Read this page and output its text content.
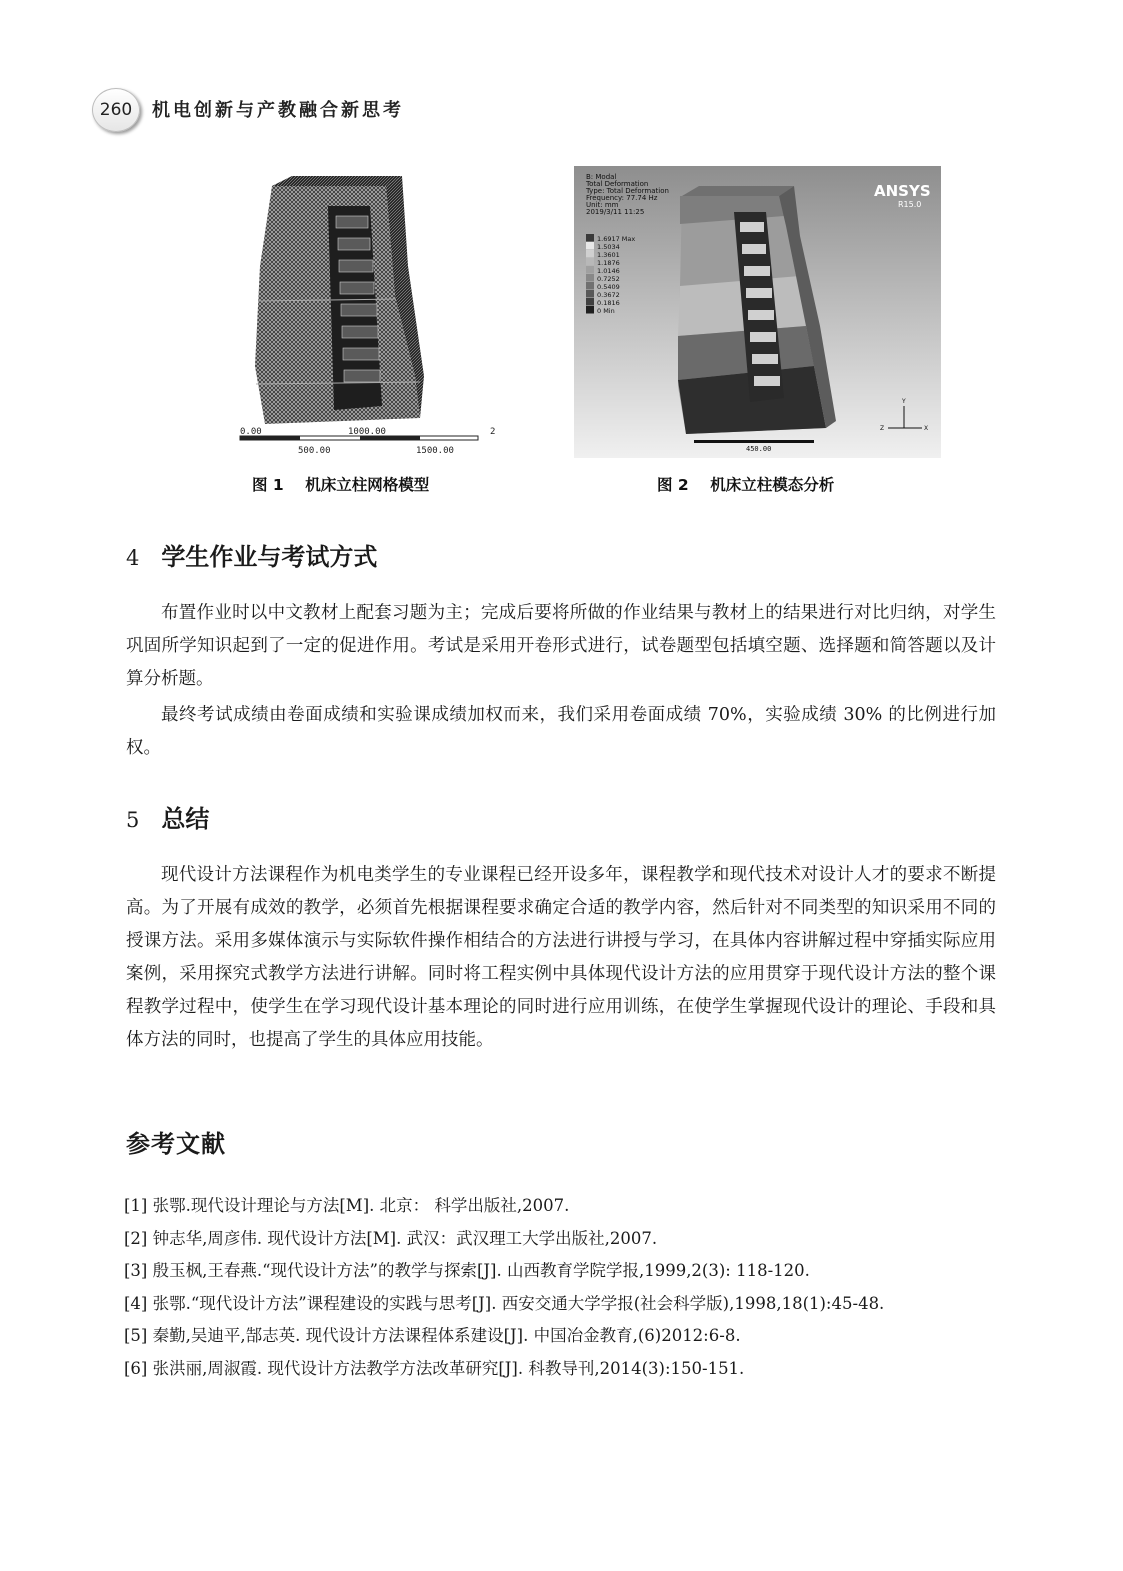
260	机电创新与产教融合新思考
0.00	1000.00	2
500.00	1500.00
图 1    机床立柱网格模型
B: Modal
Total Deformation
Type: Total Deformation
Frequency: 77.74 Hz
Unit: mm
2019/3/11 11:25
1.6917 Max
1.5034
1.3601
1.1876
1.0146
0.7252
0.5409
0.3672
0.1816
0 Min
ANSYS
R15.0
450.00
Y
X
Z
图 2    机床立柱模态分析
4 学生作业与考试方式

布置作业时以中文教材上配套习题为主；完成后要将所做的作业结果与教材上的结果进行对比归纳，对学生巩固所学知识起到了一定的促进作用。考试是采用开卷形式进行，试卷题型包括填空题、选择题和简答题以及计算分析题。

最终考试成绩由卷面成绩和实验课成绩加权而来，我们采用卷面成绩 70%，实验成绩 30% 的比例进行加权。

5 总结

现代设计方法课程作为机电类学生的专业课程已经开设多年，课程教学和现代技术对设计人才的要求不断提高。为了开展有成效的教学，必须首先根据课程要求确定合适的教学内容，然后针对不同类型的知识采用不同的授课方法。采用多媒体演示与实际软件操作相结合的方法进行讲授与学习，在具体内容讲解过程中穿插实际应用案例，采用探究式教学方法进行讲解。同时将工程实例中具体现代设计方法的应用贯穿于现代设计方法的整个课程教学过程中，使学生在学习现代设计基本理论的同时进行应用训练，在使学生掌握现代设计的理论、手段和具体方法的同时，也提高了学生的具体应用技能。

参考文献
[1] 张鄂.现代设计理论与方法[M]. 北京： 科学出版社,2007.
[2] 钟志华,周彦伟. 现代设计方法[M]. 武汉：武汉理工大学出版社,2007.
[3] 殷玉枫,王春燕.“现代设计方法”的教学与探索[J]. 山西教育学院学报,1999,2(3): 118-120.
[4] 张鄂.“现代设计方法”课程建设的实践与思考[J]. 西安交通大学学报(社会科学版),1998,18(1):45-48.
[5] 秦勤,吴迪平,郜志英. 现代设计方法课程体系建设[J]. 中国冶金教育,(6)2012:6-8.
[6] 张洪丽,周淑霞. 现代设计方法教学方法改革研究[J]. 科教导刊,2014(3):150-151.
